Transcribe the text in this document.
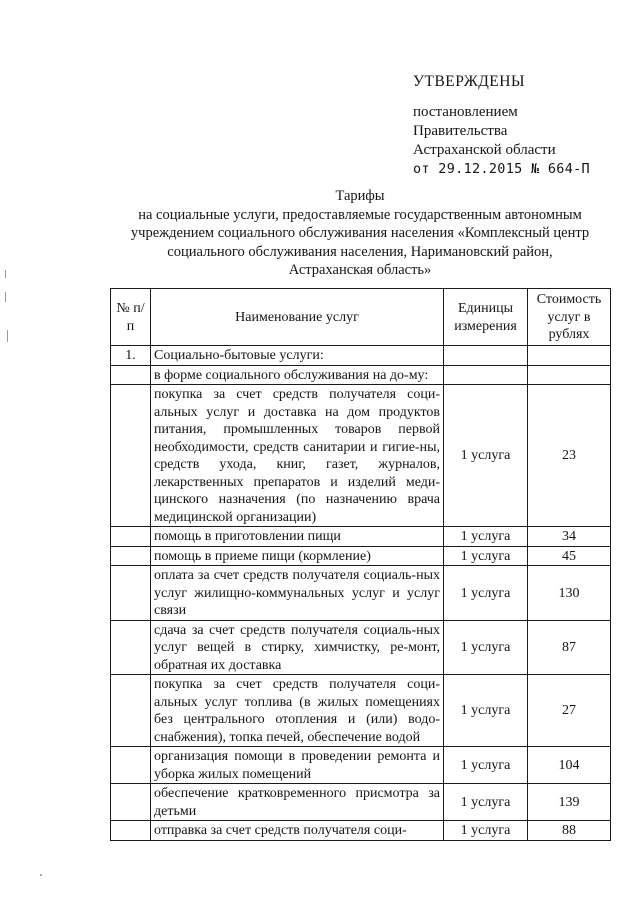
УТВЕРЖДЕНЫ
постановлением
Правительства
Астраханской области
от 29.12.2015 № 664-П
Тарифы
на социальные услуги, предоставляемые государственным автономным
учреждением социального обслуживания населения «Комплексный центр
социального обслуживания населения, Наримановский район,
Астраханская область»
№ п/п	Наименование услуг	Единицы измерения	Стоимость услуг в рублях
1.	Социально-бытовые услуги:		
	в форме социального обслуживания на до-му:		
	покупка за счет средств получателя соци-альных услуг и доставка на дом продуктов питания, промышленных товаров первой необходимости, средств санитарии и гигие-ны, средств ухода, книг, газет, журналов, лекарственных препаратов и изделий меди-цинского назначения (по назначению врача медицинской организации)	1 услуга	23
	помощь в приготовлении пищи	1 услуга	34
	помощь в приеме пищи (кормление)	1 услуга	45
	оплата за счет средств получателя социаль-ных услуг жилищно-коммунальных услуг и услуг связи	1 услуга	130
	сдача за счет средств получателя социаль-ных услуг вещей в стирку, химчистку, ре-монт, обратная их доставка	1 услуга	87
	покупка за счет средств получателя соци-альных услуг топлива (в жилых помещениях без центрального отопления и (или) водо-снабжения), топка печей, обеспечение водой	1 услуга	27
	организация помощи в проведении ремонта и уборка жилых помещений	1 услуга	104
	обеспечение кратковременного присмотра за детьми	1 услуга	139
	отправка за счет средств получателя соци-	1 услуга	88
